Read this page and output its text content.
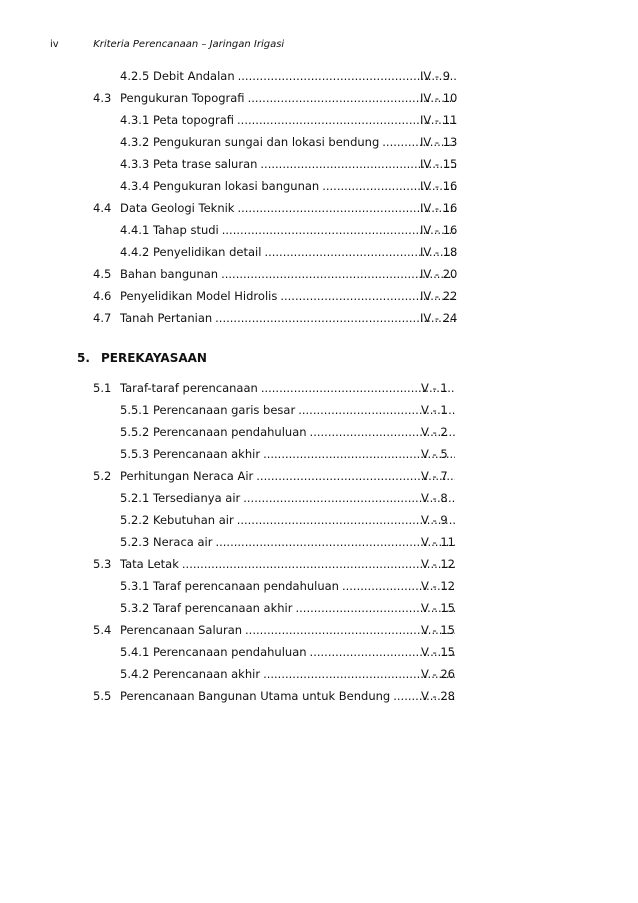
iv	Kriteria Perencanaan – Jaringan Irigasi
4.2.5 Debit Andalan .....	IV - 9
4.3 Pengukuran Topografi .....	IV - 10
4.3.1 Peta topografi .....	IV - 11
4.3.2 Pengukuran sungai dan lokasi bendung .....	IV - 13
4.3.3 Peta trase saluran .....	IV - 15
4.3.4 Pengukuran lokasi bangunan .....	IV - 16
4.4 Data Geologi Teknik .....	IV - 16
4.4.1 Tahap studi .....	IV - 16
4.4.2 Penyelidikan detail .....	IV - 18
4.5 Bahan bangunan .....	IV - 20
4.6 Penyelidikan Model Hidrolis .....	IV - 22
4.7 Tanah Pertanian .....	IV - 24
5. PEREKAYASAAN
5.1 Taraf-taraf perencanaan .....	V - 1
5.5.1 Perencanaan garis besar .....	V - 1
5.5.2 Perencanaan pendahuluan .....	V - 2
5.5.3 Perencanaan akhir .....	V - 5
5.2 Perhitungan Neraca Air .....	V - 7
5.2.1 Tersedianya air .....	V - 8
5.2.2 Kebutuhan air .....	V - 9
5.2.3 Neraca air .....	V - 11
5.3 Tata Letak .....	V - 12
5.3.1 Taraf perencanaan pendahuluan .....	V - 12
5.3.2 Taraf perencanaan akhir .....	V - 15
5.4 Perencanaan Saluran .....	V - 15
5.4.1 Perencanaan pendahuluan .....	V - 15
5.4.2 Perencanaan akhir .....	V - 26
5.5 Perencanaan Bangunan Utama untuk Bendung .....	V - 28
